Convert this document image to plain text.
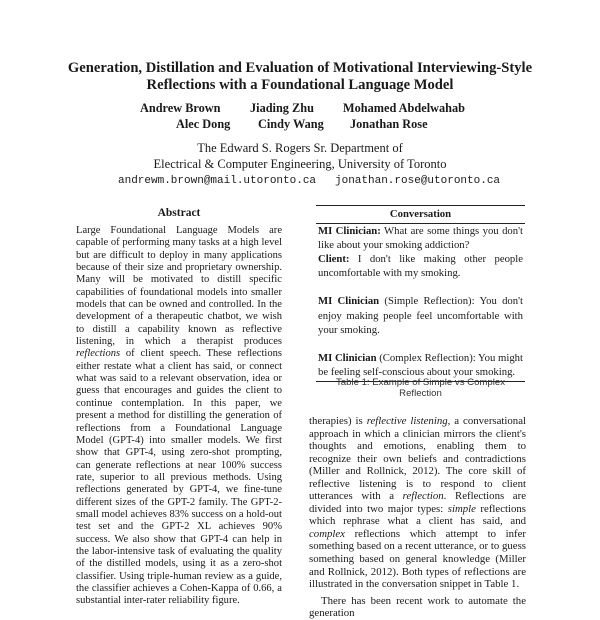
Generation, Distillation and Evaluation of Motivational Interviewing-Style
Reflections with a Foundational Language Model
Andrew Brown Jiading Zhu Mohamed Abdelwahab
Alec Dong Cindy Wang Jonathan Rose
The Edward S. Rogers Sr. Department of
Electrical & Computer Engineering, University of Toronto
andrewm.brown@mail.utoronto.ca jonathan.rose@utoronto.ca
Abstract
Large Foundational Language Models are capable of performing many tasks at a high level but are difficult to deploy in many applications because of their size and proprietary ownership. Many will be motivated to distill specific capabilities of foundational models into smaller models that can be owned and controlled. In the development of a therapeutic chatbot, we wish to distill a capability known as reflective listening, in which a therapist produces reflections of client speech. These reflections either restate what a client has said, or connect what was said to a relevant observation, idea or guess that encourages and guides the client to continue contemplation. In this paper, we present a method for distilling the generation of reflections from a Foundational Language Model (GPT-4) into smaller models. We first show that GPT-4, using zero-shot prompting, can generate reflections at near 100% success rate, superior to all previous methods. Using reflections generated by GPT-4, we fine-tune different sizes of the GPT-2 family. The GPT-2-small model achieves 83% success on a hold-out test set and the GPT-2 XL achieves 90% success. We also show that GPT-4 can help in the labor-intensive task of evaluating the quality of the distilled models, using it as a zero-shot classifier. Using triple-human review as a guide, the classifier achieves a Cohen-Kappa of 0.66, a substantial inter-rater reliability figure.
Conversation

MI Clinician: What are some things you don't like about your smoking addiction?

Client: I don't like making other people uncomfortable with my smoking.

MI Clinician (Simple Reflection): You don't enjoy making people feel uncomfortable with your smoking.

MI Clinician (Complex Reflection): You might be feeling self-conscious about your smoking.

Table 1: Example of Simple vs Complex Reflection

therapies) is reflective listening, a conversational approach in which a clinician mirrors the client's thoughts and emotions, enabling them to recognize their own beliefs and contradictions (Miller and Rollnick, 2012). The core skill of reflective listening is to respond to client utterances with a reflection. Reflections are divided into two major types: simple reflections which rephrase what a client has said, and complex reflections which attempt to infer something based on a recent utterance, or to guess something based on general knowledge (Miller and Rollnick, 2012). Both types of reflections are illustrated in the conversation snippet in Table 1.

There has been recent work to automate the generation
